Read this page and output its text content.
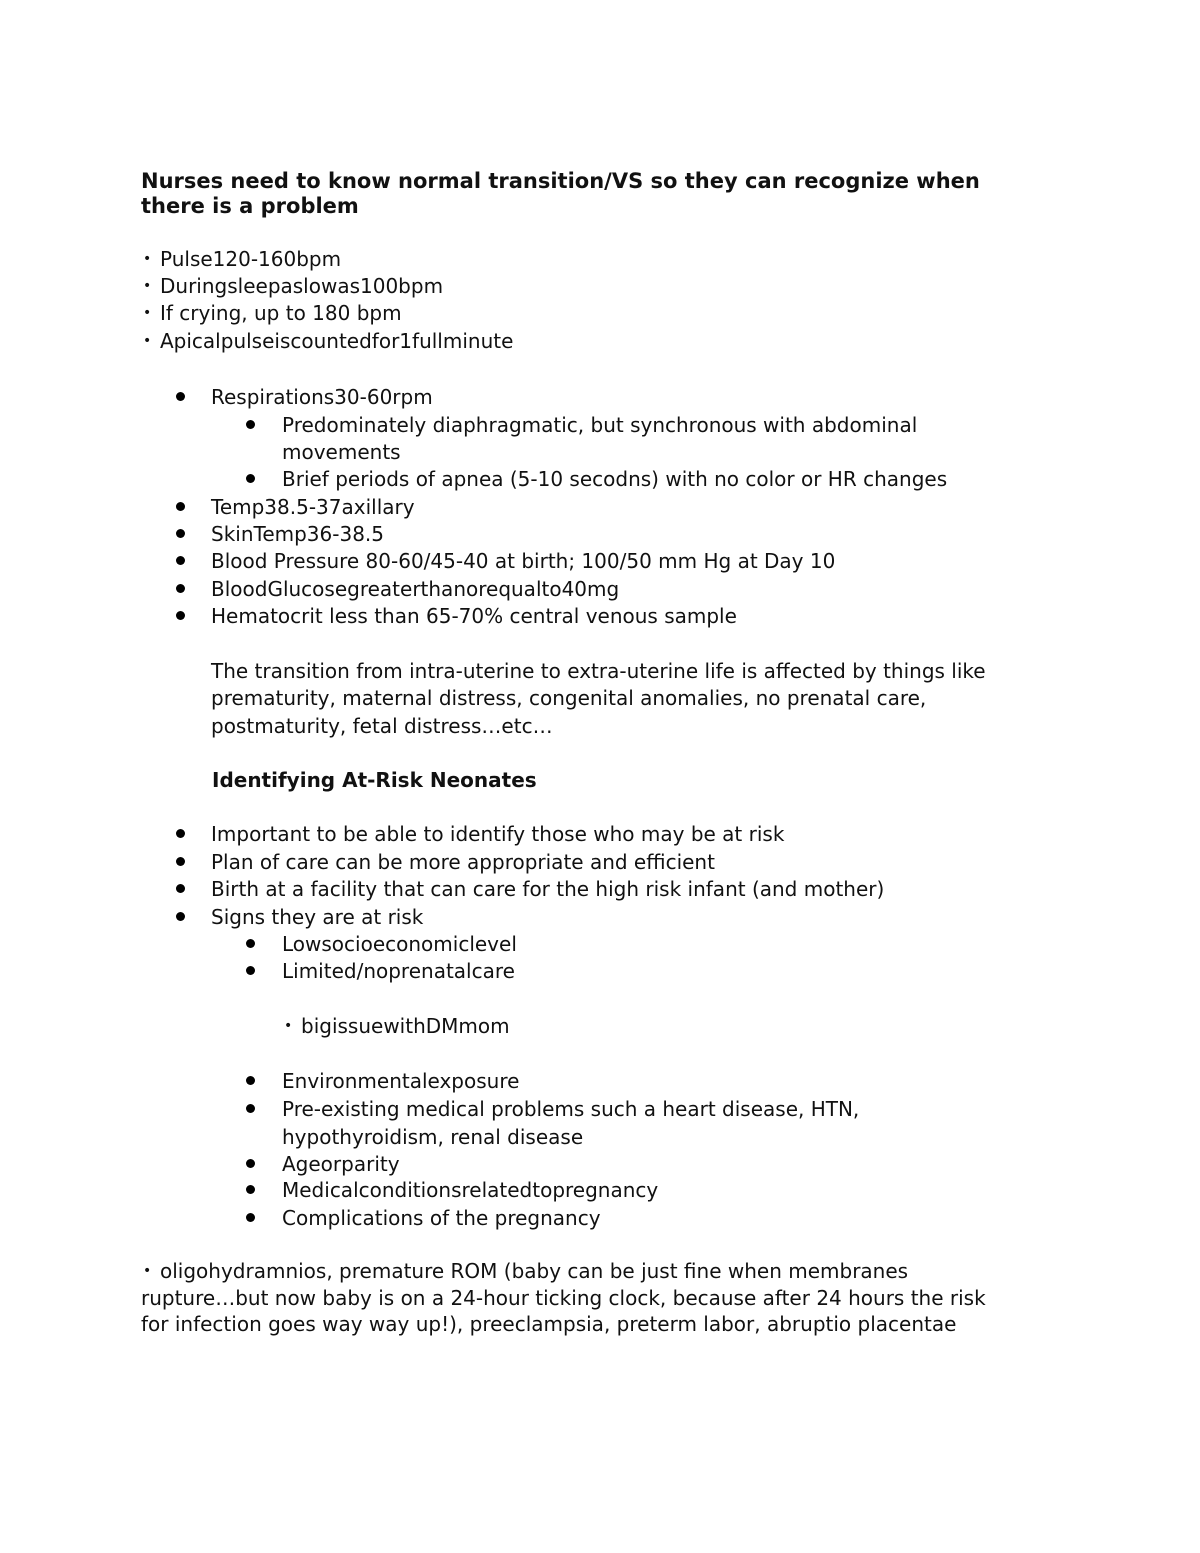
Nurses need to know normal transition/VS so they can recognize when
there is a problem
• Pulse120-160bpm
• Duringsleepaslowas100bpm
• If crying, up to 180 bpm
• Apicalpulseiscountedfor1fullminute
Respirations30-60rpm
Predominately diaphragmatic, but synchronous with abdominal
movements
Brief periods of apnea (5-10 secodns) with no color or HR changes
Temp38.5-37axillary
SkinTemp36-38.5
Blood Pressure 80-60/45-40 at birth; 100/50 mm Hg at Day 10
BloodGlucosegreaterthanorequalto40mg
Hematocrit less than 65-70% central venous sample
The transition from intra-uterine to extra-uterine life is affected by things like
prematurity, maternal distress, congenital anomalies, no prenatal care,
postmaturity, fetal distress…etc…
Identifying At-Risk Neonates
Important to be able to identify those who may be at risk
Plan of care can be more appropriate and efficient
Birth at a facility that can care for the high risk infant (and mother)
Signs they are at risk
Lowsocioeconomiclevel
Limited/noprenatalcare
• bigissuewithDMmom
Environmentalexposure
Pre-existing medical problems such a heart disease, HTN,
hypothyroidism, renal disease
Ageorparity
Medicalconditionsrelatedtopregnancy
Complications of the pregnancy
• oligohydramnios, premature ROM (baby can be just fine when membranes
rupture…but now baby is on a 24-hour ticking clock, because after 24 hours the risk
for infection goes way way up!), preeclampsia, preterm labor, abruptio placentae
